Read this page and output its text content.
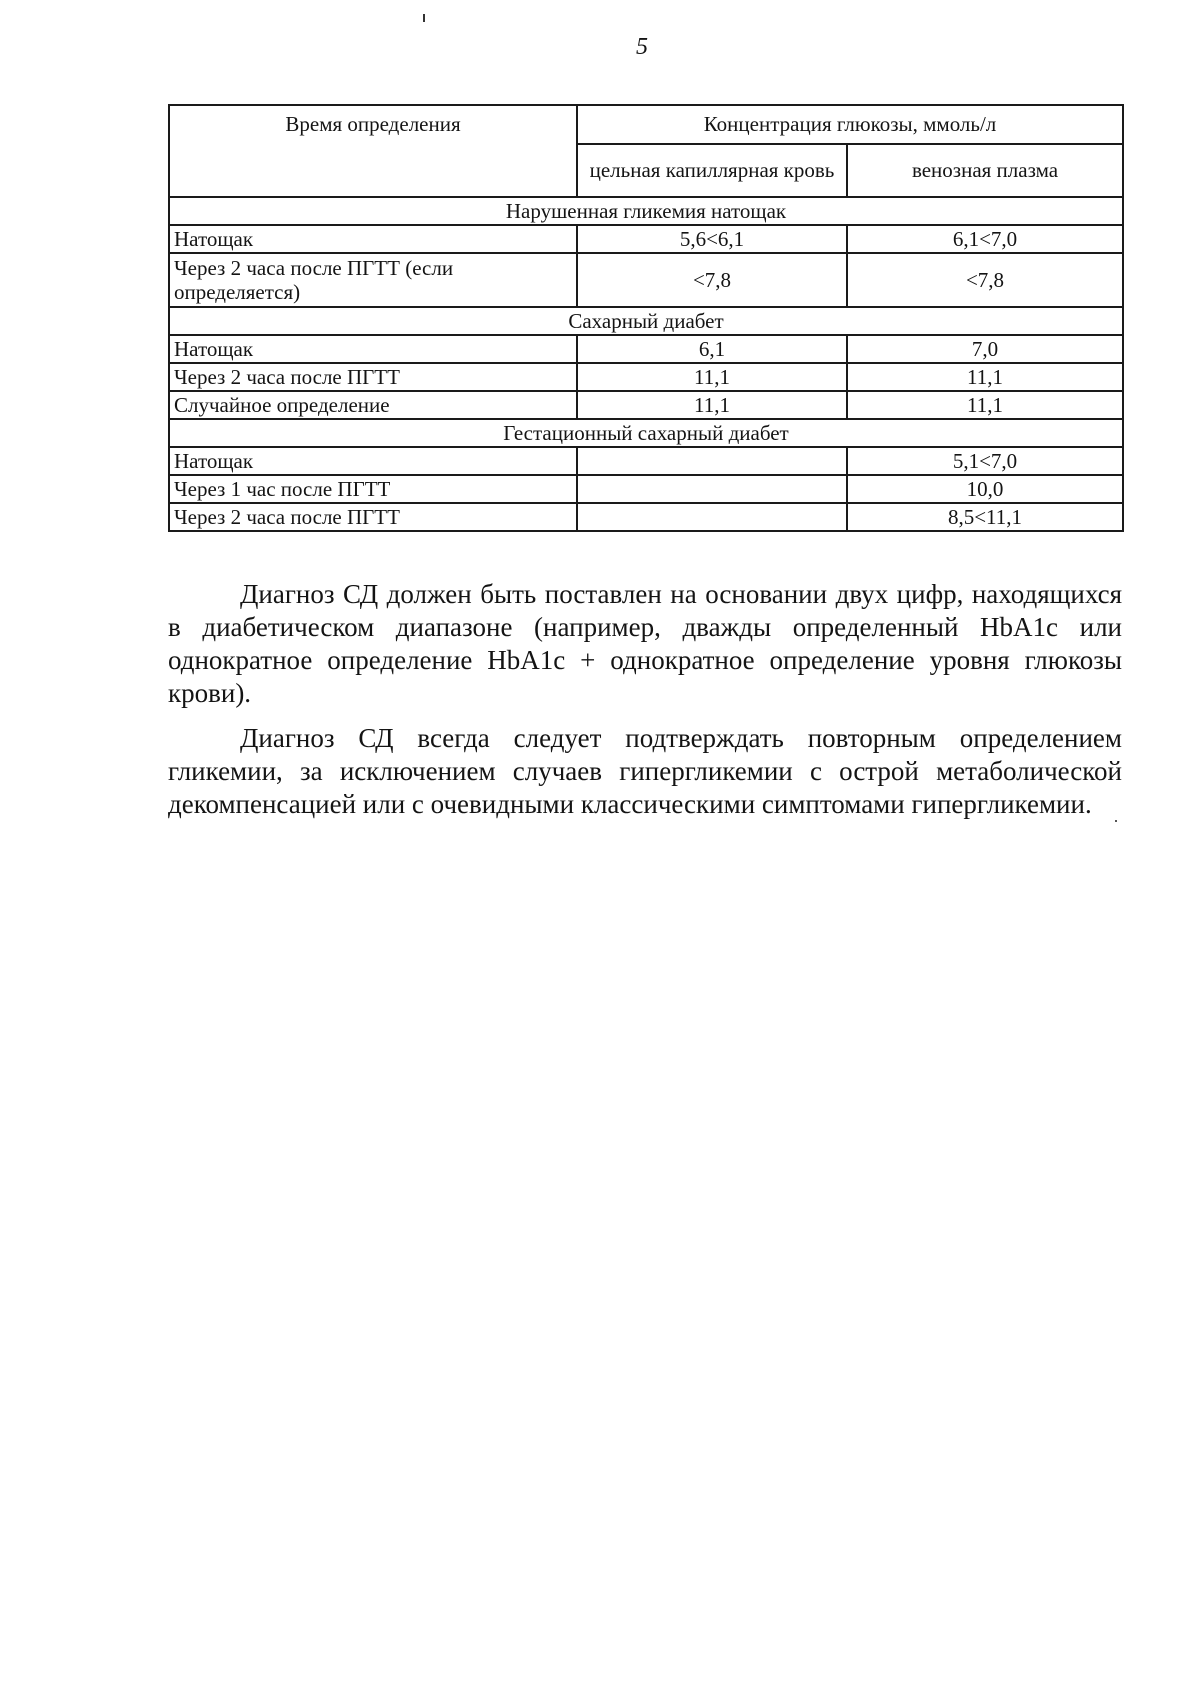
5
Время определения	Концентрация глюкозы, ммоль/л	
	цельная капиллярная кровь	венозная плазма
Нарушенная гликемия натощак		
Натощак	5,6<6,1	6,1<7,0
Через 2 часа после ПГТТ (если определяется)	<7,8	<7,8
Сахарный диабет		
Натощак	6,1	7,0
Через 2 часа после ПГТТ	11,1	11,1
Случайное определение	11,1	11,1
Гестационный сахарный диабет		
Натощак		5,1<7,0
Через 1 час после ПГТТ		10,0
Через 2 часа после ПГТТ		8,5<11,1

Диагноз СД должен быть поставлен на основании двух цифр, находящихся в диабетическом диапазоне (например, дважды определенный HbA1c или однократное определение HbA1c + однократное определение уровня глюкозы крови).

Диагноз СД всегда следует подтверждать повторным определением гликемии, за исключением случаев гипергликемии с острой метаболической декомпенсацией или с очевидными классическими симптомами гипергликемии.
